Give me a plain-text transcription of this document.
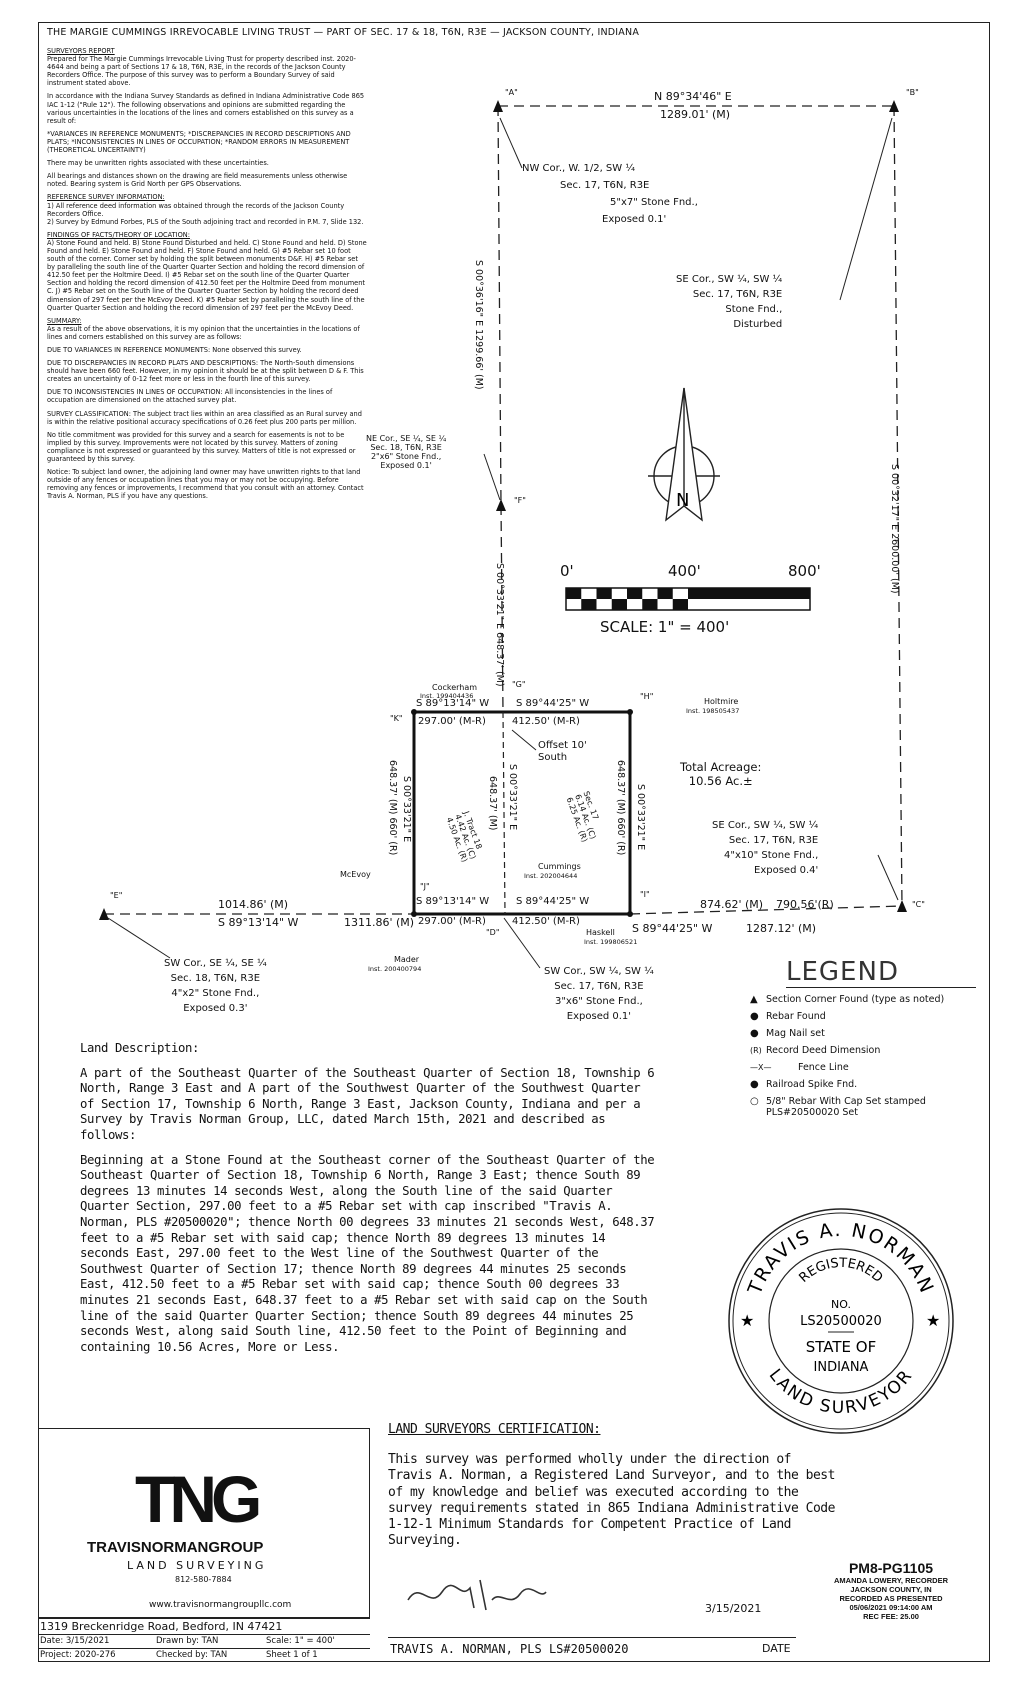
THE MARGIE CUMMINGS IRREVOCABLE LIVING TRUST — PART OF SEC. 17 & 18, T6N, R3E — JACKSON COUNTY, INDIANA
SURVEYORS REPORT
Prepared for The Margie Cummings Irrevocable Living Trust for property described inst. 2020-4644 and being a part of Sections 17 & 18, T6N, R3E, in the records of the Jackson County Recorders Office. The purpose of this survey was to perform a Boundary Survey of said instrument stated above.
In accordance with the Indiana Survey Standards as defined in Indiana Administrative Code 865 IAC 1-12 ("Rule 12"). The following observations and opinions are submitted regarding the various uncertainties in the locations of the lines and corners established on this survey as a result of:
*VARIANCES IN REFERENCE MONUMENTS; *DISCREPANCIES IN RECORD DESCRIPTIONS AND PLATS; *INCONSISTENCIES IN LINES OF OCCUPATION; *RANDOM ERRORS IN MEASUREMENT (THEORETICAL UNCERTAINTY)
There may be unwritten rights associated with these uncertainties.
All bearings and distances shown on the drawing are field measurements unless otherwise noted. Bearing system is Grid North per GPS Observations.
REFERENCE SURVEY INFORMATION:
1) All reference deed information was obtained through the records of the Jackson County Recorders Office.
2) Survey by Edmund Forbes, PLS of the South adjoining tract and recorded in P.M. 7, Slide 132.
FINDINGS OF FACTS/THEORY OF LOCATION:
A) Stone Found and held. B) Stone Found Disturbed and held. C) Stone Found and held. D) Stone Found and held. E) Stone Found and held. F) Stone Found and held. G) #5 Rebar set 10 foot south of the corner. Corner set by holding the split between monuments D&F. H) #5 Rebar set by paralleling the south line of the Quarter Quarter Section and holding the record dimension of 412.50 feet per the Holtmire Deed. I) #5 Rebar set on the south line of the Quarter Quarter Section and holding the record dimension of 412.50 feet per the Holtmire Deed from monument C. J) #5 Rebar set on the South line of the Quarter Quarter Section by holding the record deed dimension of 297 feet per the McEvoy Deed. K) #5 Rebar set by paralleling the south line of the Quarter Quarter Section and holding the record dimension of 297 feet per the McEvoy Deed.
SUMMARY:
As a result of the above observations, it is my opinion that the uncertainties in the locations of lines and corners established on this survey are as follows:
DUE TO VARIANCES IN REFERENCE MONUMENTS: None observed this survey.
DUE TO DISCREPANCIES IN RECORD PLATS AND DESCRIPTIONS: The North-South dimensions should have been 660 feet. However, in my opinion it should be at the split between D & F. This creates an uncertainty of 0-12 feet more or less in the fourth line of this survey.
DUE TO INCONSISTENCIES IN LINES OF OCCUPATION: All inconsistencies in the lines of occupation are dimensioned on the attached survey plat.
SURVEY CLASSIFICATION: The subject tract lies within an area classified as an Rural survey and is within the relative positional accuracy specifications of 0.26 feet plus 200 parts per million.
No title commitment was provided for this survey and a search for easements is not to be implied by this survey. Improvements were not located by this survey. Matters of zoning compliance is not expressed or guaranteed by this survey. Matters of title is not expressed or guaranteed by this survey.
Notice: To subject land owner, the adjoining land owner may have unwritten rights to that land outside of any fences or occupation lines that you may or may not be occupying. Before removing any fences or improvements, I recommend that you consult with an attorney. Contact Travis A. Norman, PLS if you have any questions.	N
"A"	"B"
"C"
"D"
"E"
"F"
"G"
"H"
"I"
"J"
"K"
N 89°34'46" E
1289.01' (M)
S 00°36'16" E 1299.66' (M)
S 00°32'17" E 2600.00' (M)
S 00°33'21" E 648.37' (M)
NW Cor., W. 1/2, SW ¼
Sec. 17, T6N, R3E
5"x7" Stone Fnd.,
Exposed 0.1'
SE Cor., SW ¼, SW ¼
Sec. 17, T6N, R3E
Stone Fnd.,
Disturbed
NE Cor., SE ¼, SE ¼
Sec. 18, T6N, R3E
2"x6" Stone Fnd.,
Exposed 0.1'
SE Cor., SW ¼, SW ¼
Sec. 17, T6N, R3E
4"x10" Stone Fnd.,
Exposed 0.4'
SW Cor., SE ¼, SE ¼
Sec. 18, T6N, R3E
4"x2" Stone Fnd.,
Exposed 0.3'
SW Cor., SW ¼, SW ¼
Sec. 17, T6N, R3E
3"x6" Stone Fnd.,
Exposed 0.1'
Cockerham
Inst. 199404436
Holtmire
Inst. 198505437
Cummings
Inst. 202004644
McEvoy
Mader
Inst. 200400794
Haskell
Inst. 199806521
Offset 10'
South
S 89°13'14" W	S 89°44'25" W
297.00' (M-R)	412.50' (M-R)
S 89°13'14" W	S 89°44'25" W
297.00' (M-R)	412.50' (M-R)
648.37' (M) 660' (R) S 00°33'21" E	648.37' (M) S 00°33'21" E	648.37' (M) 660' (R) S 00°33'21" E
J. Tract 18
4.42 Ac. (C)
4.50 Ac. (R)
Sec. 17
6.14 Ac. (C)
6.25 Ac. (R)
1014.86' (M)
S 89°13'14" W	1311.86' (M)
874.62' (M) 790.56'(R)
S 89°44'25" W	1287.12' (M)
0'	400'	800'
SCALE: 1" = 400'
Total Acreage:
10.56 Ac.±
LEGEND
▲ Section Corner Found (type as noted)
● Rebar Found
● Mag Nail set
(R) Record Deed Dimension
—X—	Fence Line
● Railroad Spike Fnd.
○ 5/8" Rebar With Cap Set stamped PLS#20500020 Set

Land Description:

A part of the Southeast Quarter of the Southeast Quarter of Section 18, Township 6 North, Range 3 East and A part of the Southwest Quarter of the Southwest Quarter of Section 17, Township 6 North, Range 3 East, Jackson County, Indiana and per a Survey by Travis Norman Group, LLC, dated March 15th, 2021 and described as follows:

Beginning at a Stone Found at the Southeast corner of the Southeast Quarter of the Southeast Quarter of Section 18, Township 6 North, Range 3 East; thence South 89 degrees 13 minutes 14 seconds West, along the South line of the said Quarter Quarter Section, 297.00 feet to a #5 Rebar set with cap inscribed "Travis A. Norman, PLS #20500020"; thence North 00 degrees 33 minutes 21 seconds West, 648.37 feet to a #5 Rebar set with said cap; thence North 89 degrees 13 minutes 14 seconds East, 297.00 feet to the West line of the Southwest Quarter of the Southwest Quarter of Section 17; thence North 89 degrees 44 minutes 25 seconds East, 412.50 feet to a #5 Rebar set with said cap; thence South 00 degrees 33 minutes 21 seconds East, 648.37 feet to a #5 Rebar set with said cap on the South line of the said Quarter Quarter Section; thence South 89 degrees 44 minutes 25 seconds West, along said South line, 412.50 feet to the Point of Beginning and containing 10.56 Acres, More or Less.

TRAVIS A. NORMAN
LAND SURVEYOR
REGISTERED
NO.
LS20500020
STATE OF
INDIANA
★	★
TNG
TRAVISNORMANGROUP
LAND SURVEYING
812-580-7884
www.travisnormangroupllc.com
1319 Breckenridge Road, Bedford, IN 47421
Date: 3/15/2021	Drawn by: TAN	Scale: 1" = 400'
Project: 2020-276	Checked by: TAN	Sheet 1 of 1
LAND SURVEYORS CERTIFICATION:
This survey was performed wholly under the direction of Travis A. Norman, a Registered Land Surveyor, and to the best of my knowledge and belief was executed according to the survey requirements stated in 865 Indiana Administrative Code 1-12-1 Minimum Standards for Competent Practice of Land Surveying.
3/15/2021
TRAVIS A. NORMAN, PLS LS#20500020	DATE
PM8-PG1105
AMANDA LOWERY, RECORDER
JACKSON COUNTY, IN
RECORDED AS PRESENTED
05/06/2021 09:14:00 AM
REC FEE: 25.00
